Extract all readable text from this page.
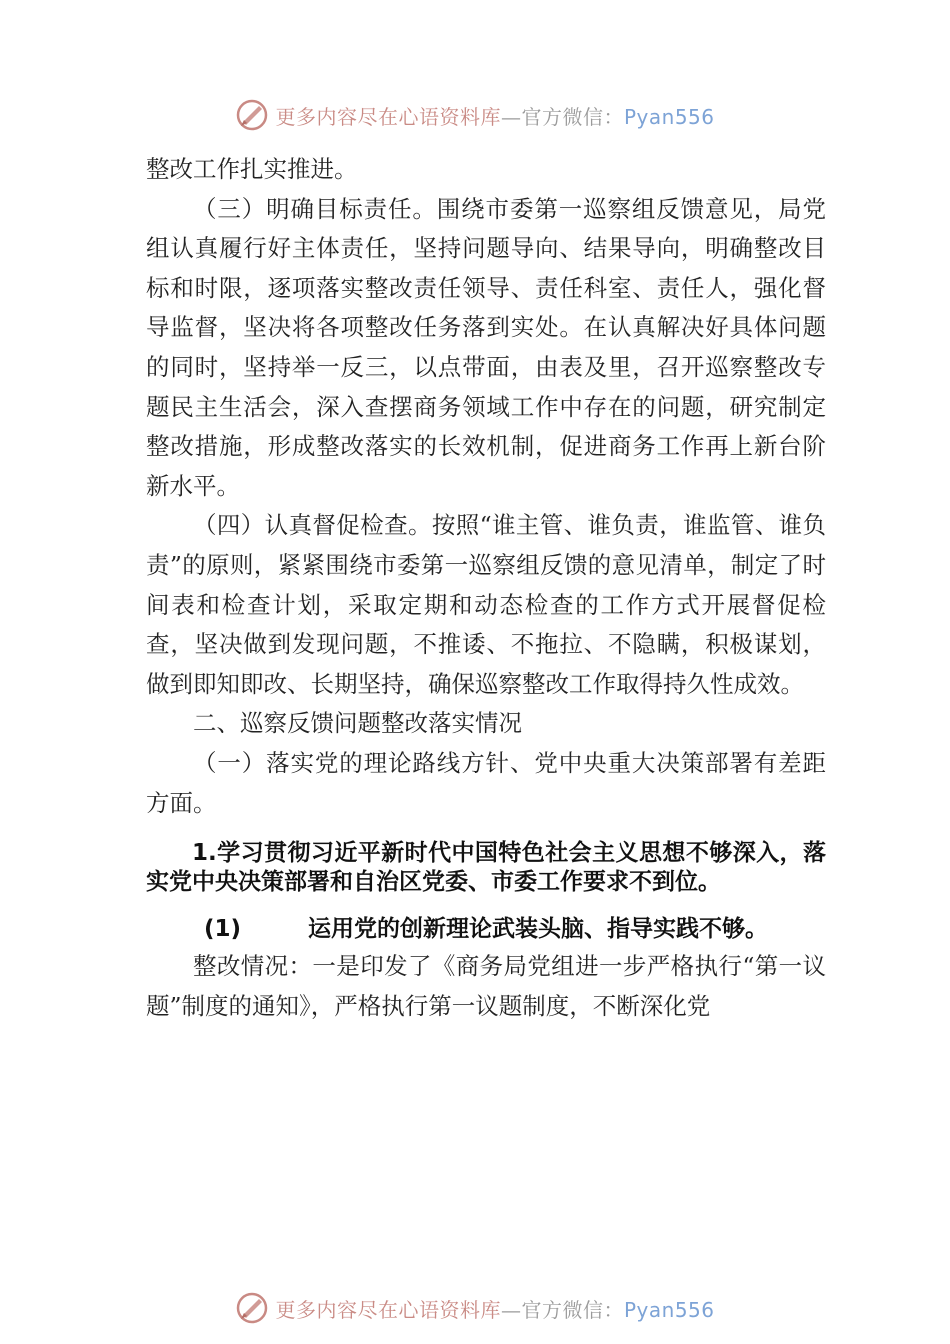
更多内容尽在心语资料库—官方微信：Pyan556

整改工作扎实推进。

（三）明确目标责任。围绕市委第一巡察组反馈意见，局党组认真履行好主体责任，坚持问题导向、结果导向，明确整改目标和时限，逐项落实整改责任领导、责任科室、责任人，强化督导监督，坚决将各项整改任务落到实处。在认真解决好具体问题的同时，坚持举一反三，以点带面，由表及里，召开巡察整改专题民主生活会，深入查摆商务领域工作中存在的问题，研究制定整改措施，形成整改落实的长效机制，促进商务工作再上新台阶新水平。

（四）认真督促检查。按照“谁主管、谁负责，谁监管、谁负责”的原则，紧紧围绕市委第一巡察组反馈的意见清单，制定了时间表和检查计划，采取定期和动态检查的工作方式开展督促检查，坚决做到发现问题，不推诿、不拖拉、不隐瞒，积极谋划，做到即知即改、长期坚持，确保巡察整改工作取得持久性成效。

二、巡察反馈问题整改落实情况

（一）落实党的理论路线方针、党中央重大决策部署有差距方面。

1.学习贯彻习近平新时代中国特色社会主义思想不够深入，落实党中央决策部署和自治区党委、市委工作要求不到位。

(1)	运用党的创新理论武装头脑、指导实践不够。

整改情况：一是印发了《商务局党组进一步严格执行“第一议题”制度的通知》，严格执行第一议题制度，不断深化党

更多内容尽在心语资料库—官方微信：Pyan556
